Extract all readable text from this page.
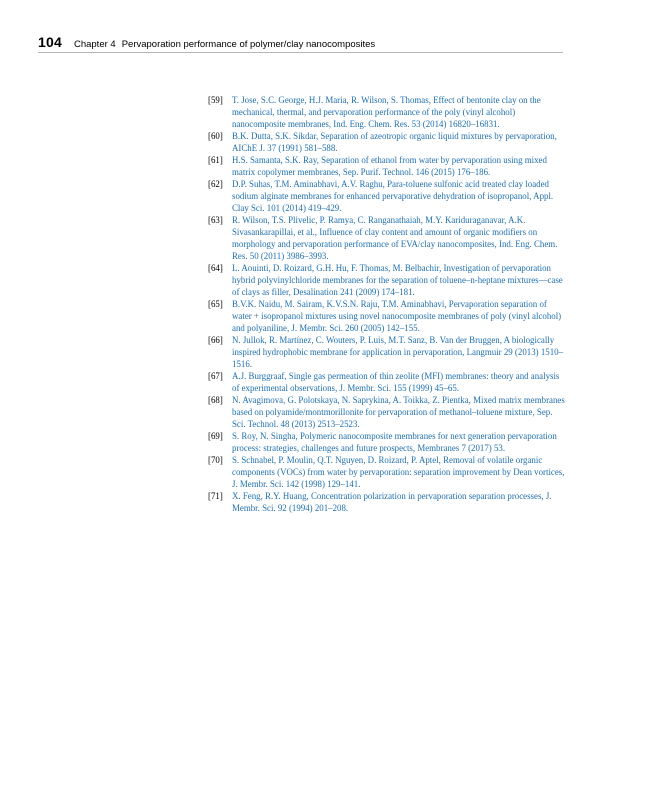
104 Chapter 4 Pervaporation performance of polymer/clay nanocomposites
[59] T. Jose, S.C. George, H.J. Maria, R. Wilson, S. Thomas, Effect of bentonite clay on the mechanical, thermal, and pervaporation performance of the poly (vinyl alcohol) nanocomposite membranes, Ind. Eng. Chem. Res. 53 (2014) 16820–16831.
[60] B.K. Dutta, S.K. Sikdar, Separation of azeotropic organic liquid mixtures by pervaporation, AIChE J. 37 (1991) 581–588.
[61] H.S. Samanta, S.K. Ray, Separation of ethanol from water by pervaporation using mixed matrix copolymer membranes, Sep. Purif. Technol. 146 (2015) 176–186.
[62] D.P. Suhas, T.M. Aminabhavi, A.V. Raghu, Para-toluene sulfonic acid treated clay loaded sodium alginate membranes for enhanced pervaporative dehydration of isopropanol, Appl. Clay Sci. 101 (2014) 419–429.
[63] R. Wilson, T.S. Plivelic, P. Ramya, C. Ranganathaiah, M.Y. Kariduraganavar, A.K. Sivasankarapillai, et al., Influence of clay content and amount of organic modifiers on morphology and pervaporation performance of EVA/clay nanocomposites, Ind. Eng. Chem. Res. 50 (2011) 3986–3993.
[64] L. Aouinti, D. Roizard, G.H. Hu, F. Thomas, M. Belbachir, Investigation of pervaporation hybrid polyvinylchloride membranes for the separation of toluene–n-heptane mixtures—case of clays as filler, Desalination 241 (2009) 174–181.
[65] B.V.K. Naidu, M. Sairam, K.V.S.N. Raju, T.M. Aminabhavi, Pervaporation separation of water + isopropanol mixtures using novel nanocomposite membranes of poly (vinyl alcohol) and polyaniline, J. Membr. Sci. 260 (2005) 142–155.
[66] N. Jullok, R. Martínez, C. Wouters, P. Luis, M.T. Sanz, B. Van der Bruggen, A biologically inspired hydrophobic membrane for application in pervaporation, Langmuir 29 (2013) 1510–1516.
[67] A.J. Burggraaf, Single gas permeation of thin zeolite (MFI) membranes: theory and analysis of experimental observations, J. Membr. Sci. 155 (1999) 45–65.
[68] N. Avagimova, G. Polotskaya, N. Saprykina, A. Toikka, Z. Pientka, Mixed matrix membranes based on polyamide/montmorillonite for pervaporation of methanol–toluene mixture, Sep. Sci. Technol. 48 (2013) 2513–2523.
[69] S. Roy, N. Singha, Polymeric nanocomposite membranes for next generation pervaporation process: strategies, challenges and future prospects, Membranes 7 (2017) 53.
[70] S. Schnabel, P. Moulin, Q.T. Nguyen, D. Roizard, P. Aptel, Removal of volatile organic components (VOCs) from water by pervaporation: separation improvement by Dean vortices, J. Membr. Sci. 142 (1998) 129–141.
[71] X. Feng, R.Y. Huang, Concentration polarization in pervaporation separation processes, J. Membr. Sci. 92 (1994) 201–208.
